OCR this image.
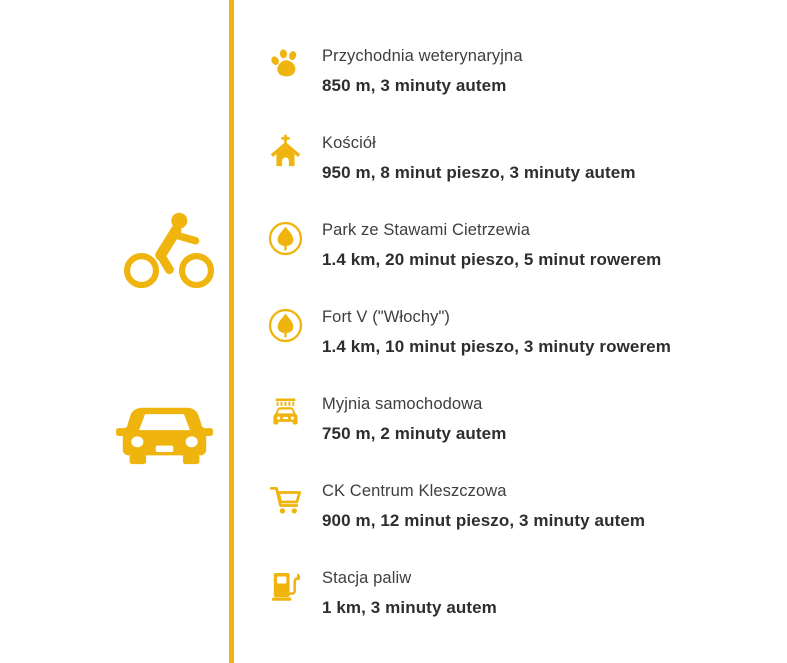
Przychodnia weterynaryjna

850 m, 3 minuty autem

Kościół

950 m, 8 minut pieszo, 3 minuty autem

Park ze Stawami Cietrzewia

1.4 km, 20 minut pieszo, 5 minut rowerem

Fort V ("Włochy")

1.4 km, 10 minut pieszo, 3 minuty rowerem

Myjnia samochodowa

750 m, 2 minuty autem

CK Centrum Kleszczowa

900 m, 12 minut pieszo, 3 minuty autem

Stacja paliw

1 km, 3 minuty autem
